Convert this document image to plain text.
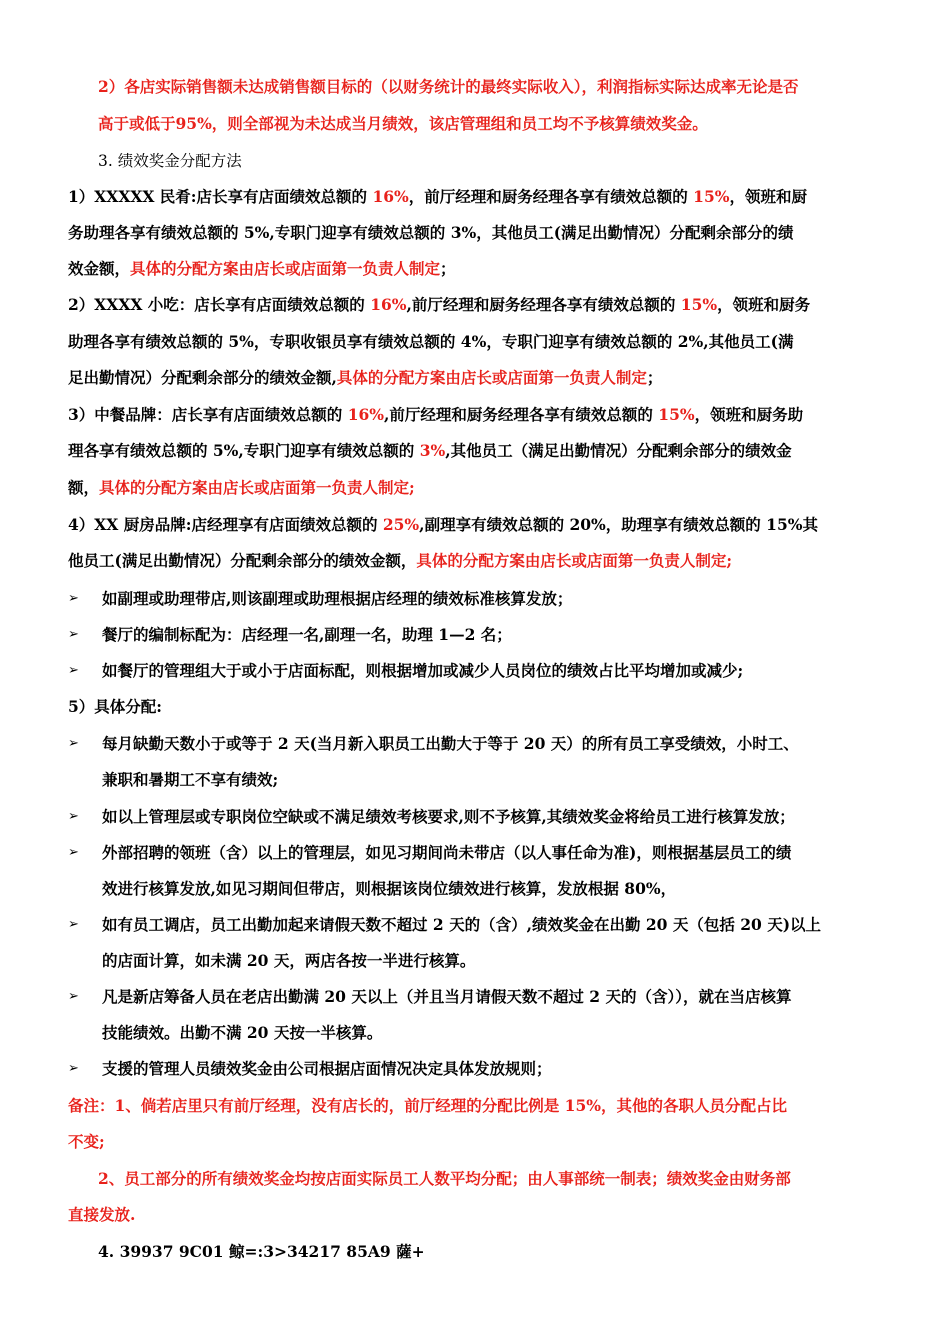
2）各店实际销售额未达成销售额目标的（以财务统计的最终实际收入），利润指标实际达成率无论是否
高于或低于95%，则全部视为未达成当月绩效，该店管理组和员工均不予核算绩效奖金。
3. 绩效奖金分配方法
1）XXXXX 民肴:店长享有店面绩效总额的 16%，前厅经理和厨务经理各享有绩效总额的 15%，领班和厨
务助理各享有绩效总额的 5%,专职门迎享有绩效总额的 3%，其他员工(满足出勤情况）分配剩余部分的绩
效金额，具体的分配方案由店长或店面第一负责人制定；
2）XXXX 小吃：店长享有店面绩效总额的 16%,前厅经理和厨务经理各享有绩效总额的 15%，领班和厨务
助理各享有绩效总额的 5%，专职收银员享有绩效总额的 4%，专职门迎享有绩效总额的 2%,其他员工(满
足出勤情况）分配剩余部分的绩效金额,具体的分配方案由店长或店面第一负责人制定；
3）中餐品牌：店长享有店面绩效总额的 16%,前厅经理和厨务经理各享有绩效总额的 15%，领班和厨务助
理各享有绩效总额的 5%,专职门迎享有绩效总额的 3%,其他员工（满足出勤情况）分配剩余部分的绩效金
额，具体的分配方案由店长或店面第一负责人制定;
4）XX 厨房品牌:店经理享有店面绩效总额的 25%,副理享有绩效总额的 20%，助理享有绩效总额的 15%其
他员工(满足出勤情况）分配剩余部分的绩效金额，具体的分配方案由店长或店面第一负责人制定;
➢ 如副理或助理带店,则该副理或助理根据店经理的绩效标准核算发放；
➢ 餐厅的编制标配为：店经理一名,副理一名，助理 1—2 名；
➢ 如餐厅的管理组大于或小于店面标配，则根据增加或减少人员岗位的绩效占比平均增加或减少;
5）具体分配:
➢ 每月缺勤天数小于或等于 2 天(当月新入职员工出勤大于等于 20 天）的所有员工享受绩效，小时工、
兼职和暑期工不享有绩效;
➢ 如以上管理层或专职岗位空缺或不满足绩效考核要求,则不予核算,其绩效奖金将给员工进行核算发放；
➢ 外部招聘的领班（含）以上的管理层，如见习期间尚未带店（以人事任命为准)，则根据基层员工的绩
效进行核算发放,如见习期间但带店，则根据该岗位绩效进行核算，发放根据 80%，
➢ 如有员工调店，员工出勤加起来请假天数不超过 2 天的（含）,绩效奖金在出勤 20 天（包括 20 天)以上
的店面计算，如未满 20 天，两店各按一半进行核算。
➢ 凡是新店筹备人员在老店出勤满 20 天以上（并且当月请假天数不超过 2 天的（含）），就在当店核算
技能绩效。出勤不满 20 天按一半核算。
➢ 支援的管理人员绩效奖金由公司根据店面情况决定具体发放规则；
备注：1、倘若店里只有前厅经理，没有店长的，前厅经理的分配比例是 15%，其他的各职人员分配占比
不变;
2、员工部分的所有绩效奖金均按店面实际员工人数平均分配；由人事部统一制表；绩效奖金由财务部
直接发放.
4. 39937 9C01 鲸=:3>34217 85A9 薩+
